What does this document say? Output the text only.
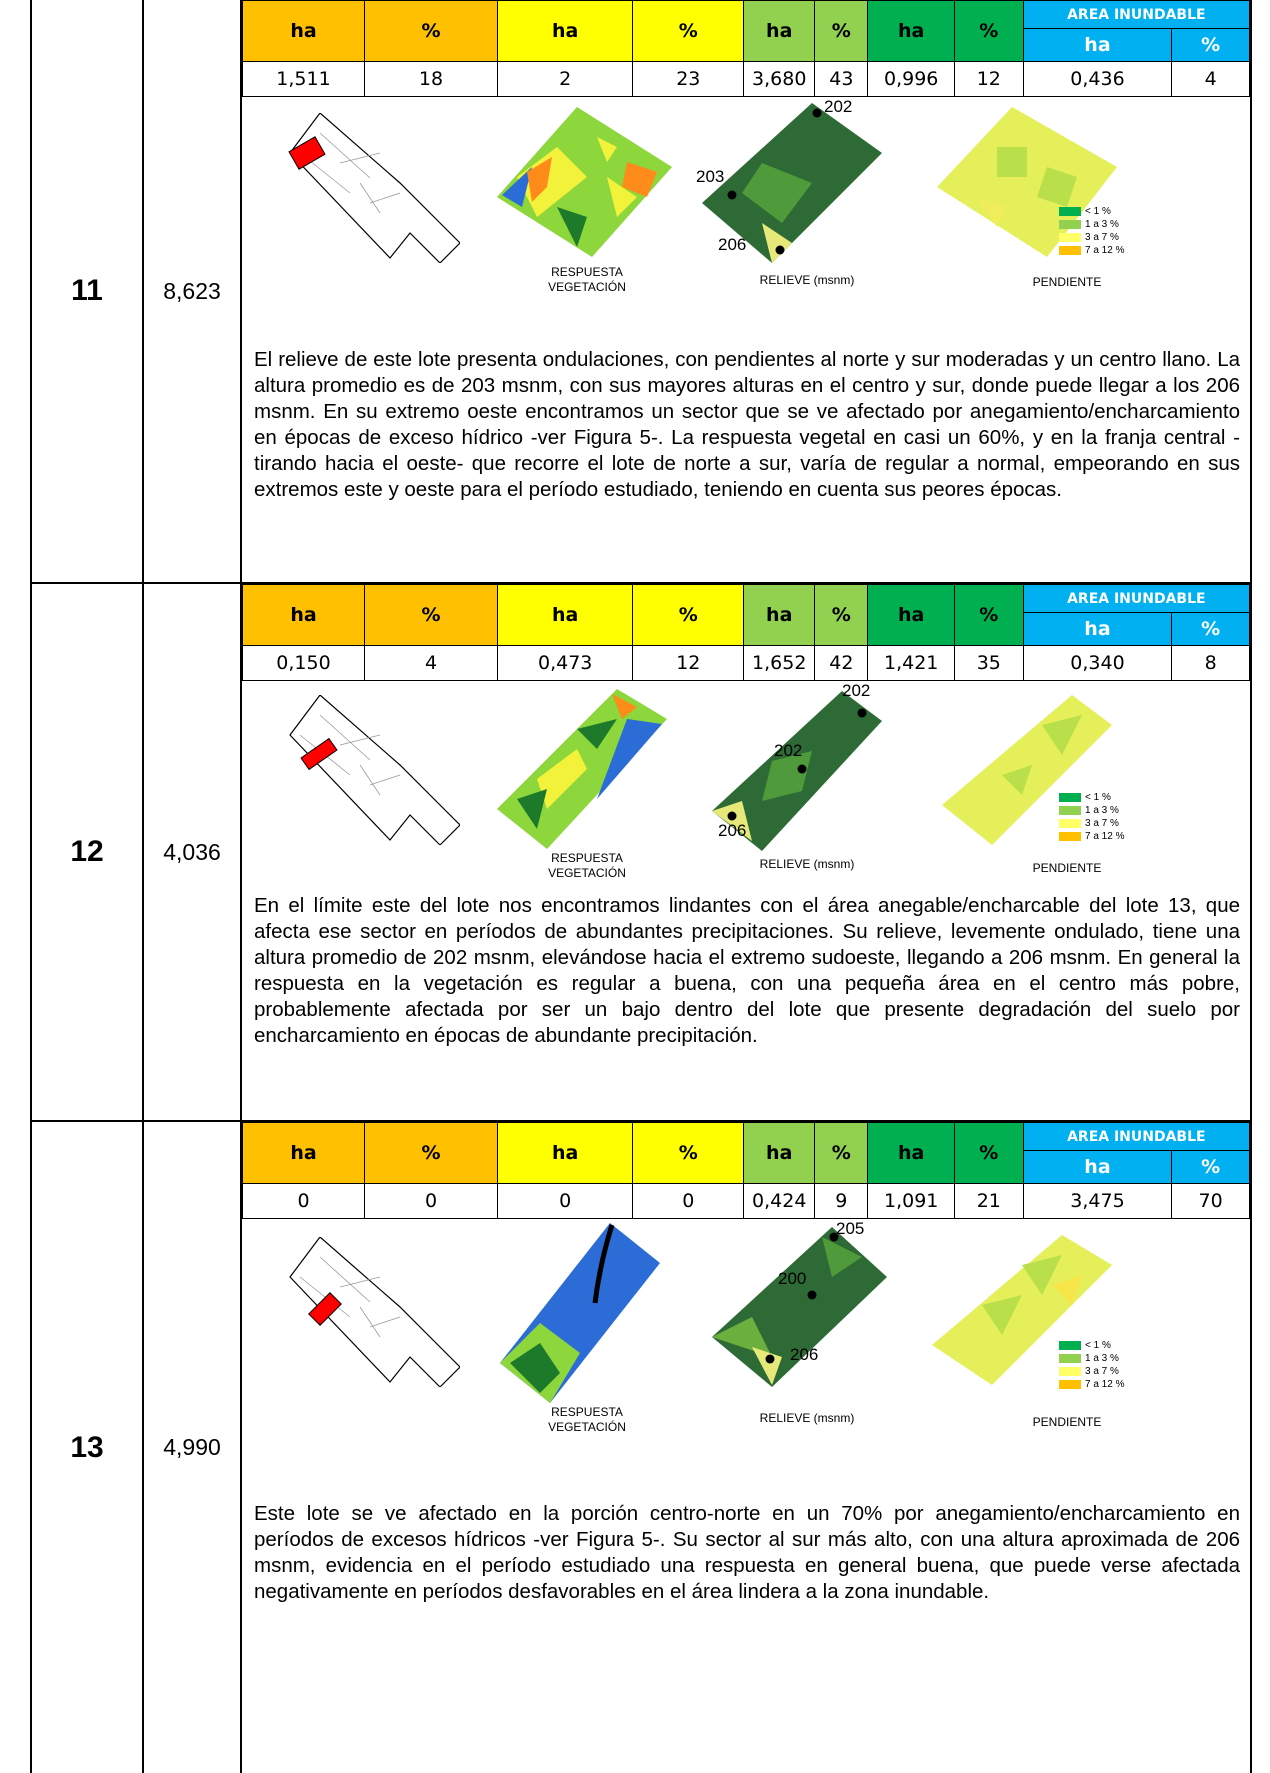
11	8,623
ha	%	ha	%	ha	%	ha	%	AREA INUNDABLE	
								ha	%
1,511	18	2	23	3,680	43	0,996	12	0,436	4
202
203
206
< 1 %
1 a 3 %
3 a 7 %
7 a 12 %
RESPUESTA
VEGETACIÓN	RELIEVE (msnm)	PENDIENTE
El relieve de este lote presenta ondulaciones, con pendientes al norte y sur moderadas y un centro llano. La altura promedio es de 203 msnm, con sus mayores alturas en el centro y sur, donde puede llegar a los 206 msnm. En su extremo oeste encontramos un sector que se ve afectado por anegamiento/encharcamiento en épocas de exceso hídrico -ver Figura 5-. La respuesta vegetal en casi un 60%, y en la franja central -tirando hacia el oeste- que recorre el lote de norte a sur, varía de regular a normal, empeorando en sus extremos este y oeste para el período estudiado, teniendo en cuenta sus peores épocas.
12	4,036
ha	%	ha	%	ha	%	ha	%	AREA INUNDABLE	
								ha	%
0,150	4	0,473	12	1,652	42	1,421	35	0,340	8
202
202
206
< 1 %
1 a 3 %
3 a 7 %
7 a 12 %
RESPUESTA
VEGETACIÓN
RELIEVE (msnm)	PENDIENTE
En el límite este del lote nos encontramos lindantes con el área anegable/encharcable del lote 13, que afecta ese sector en períodos de abundantes precipitaciones. Su relieve, levemente ondulado, tiene una altura promedio de 202 msnm, elevándose hacia el extremo sudoeste, llegando a 206 msnm. En general la respuesta en la vegetación es regular a buena, con una pequeña área en el centro más pobre, probablemente afectada por ser un bajo dentro del lote que presente degradación del suelo por encharcamiento en épocas de abundante precipitación.
13	4,990
ha	%	ha	%	ha	%	ha	%	AREA INUNDABLE	
								ha	%
0	0	0	0	0,424	9	1,091	21	3,475	70
205
200
206	< 1 %
1 a 3 %
3 a 7 %
7 a 12 %
RESPUESTA
VEGETACIÓN
RELIEVE (msnm)	PENDIENTE
Este lote se ve afectado en la porción centro-norte en un 70% por anegamiento/encharcamiento en períodos de excesos hídricos -ver Figura 5-. Su sector al sur más alto, con una altura aproximada de 206 msnm, evidencia en el período estudiado una respuesta en general buena, que puede verse afectada negativamente en períodos desfavorables en el área lindera a la zona inundable.
